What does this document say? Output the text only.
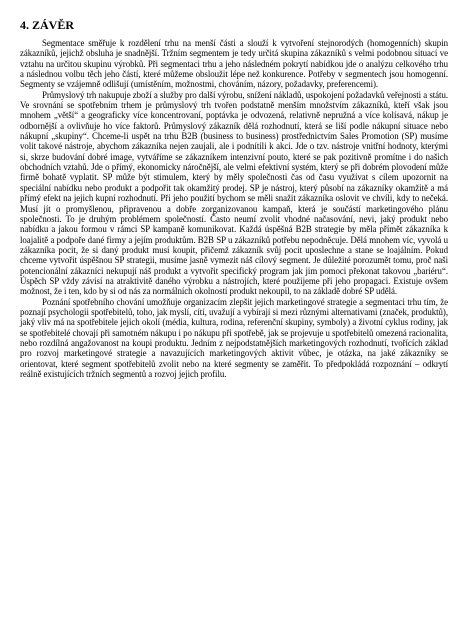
4. ZÁVĚR

Segmentace směřuje k rozdělení trhu na menší části a slouží k vytvoření stejnorodých (homogenních) skupin zákazníků, jejichž obsluha je snadnější. Tržním segmentem je tedy určitá skupina zákazníků s velmi podobnou situací ve vztahu na určitou skupinu výrobků. Při segmentaci trhu a jeho následném pokrytí nabídkou jde o analýzu celkového trhu a následnou volbu těch jeho částí, které můžeme obsloužit lépe než konkurence. Potřeby v segmentech jsou homogenní. Segmenty se vzájemně odlišují (umístěním, možnostmi, chováním, názory, požadavky, preferencemi).

Průmyslový trh nakupuje zboží a služby pro další výrobu, snížení nákladů, uspokojení požadavků veřejnosti a státu. Ve srovnání se spotřebním trhem je průmyslový trh tvořen podstatně menším množstvím zákazníků, kteří však jsou mnohem „větší“ a geograficky více koncentrovaní, poptávka je odvozená, relativně nepružná a více kolísavá, nákup je odbornější a ovlivňuje ho více faktorů. Průmyslový zákazník dělá rozhodnutí, která se liší podle nákupní situace nebo nákupní „skupiny“. Chceme-li uspět na trhu B2B (business to business) prostřednictvím Sales Promotion (SP) musíme volit takové nástroje, abychom zákazníka nejen zaujali, ale i podnítili k akci. Jde o tzv. nástroje vnitřní hodnoty, kterými si, skrze budování dobré image, vytváříme se zákazníkem intenzivní pouto, které se pak pozitivně promítne i do našich obchodních vztahů. Jde o přímý, ekonomicky náročnější, ale velmi efektivní systém, který se při dobrém plovodení může firmě bohatě vyplatit. SP může být stimulem, který by měly společnosti čas od času využívat s cílem upozornit na speciální nabídku nebo produkt a podpořit tak okamžitý prodej. SP je nástroj, který působí na zákazníky okamžitě a má přímý efekt na jejich kupní rozhodnutí. Při jeho použití bychom se měli snažit zákazníka oslovit ve chvíli, kdy to nečeká. Musí jít o promyšlenou, připravenou a dobře zorganizovanou kampaň, která je součástí marketingového plánu společnosti. To je druhým problémem společností. Často neumí zvolit vhodné načasování, nevi, jaký produkt nebo nabídku a jakou formou v rámci SP kampaně komunikovat. Každá úspěšná B2B strategie by měla přímět zákazníka k loajalitě a podpoře dané firmy a jejím produktům. B2B SP u zákazníků potřebu nepodněcuje. Dělá mnohem víc, vyvolá u zákazníka pocit, že si daný produkt musí koupit, přičemž zákazník svůj pocit uposlechne a stane se loajálním. Pokud chceme vytvořit úspěšnou SP strategii, musíme jasně vymezit náš cílový segment. Je důležité porozumět tomu, proč naši potencionální zákazníci nekupují náš produkt a vytvořit specifický program jak jim pomoci překonat takovou „bariéru“. Úspěch SP vždy závisí na atraktivitě daného výrobku a nástrojích, které použijeme při jeho propagaci. Existuje ovšem možnost, že i ten, kdo by si od nás za normálních okolností produkt nekoupil, to na základě dobré SP udělá.

Poznání spotřebního chování umožňuje organizacím zlepšit jejich marketingové strategie a segmentaci trhu tím, že poznají psychologii spotřebitelů, toho, jak myslí, cítí, uvažují a vybírají si mezi různými alternativami (značek, produktů), jaký vliv má na spotřebitele jejich okolí (média, kultura, rodina, referenční skupiny, symboly) a životní cyklus rodiny, jak se spotřebitelé chovají při samotném nákupu i po nákupu při spotřebě, jak se projevuje u spotřebitelů omezená racionalita, nebo rozdílná angažovanost na koupi produktu. Jedním z nejpodstatnějších marketingových rozhodnutí, tvořících základ pro rozvoj marketingové strategie a navazujících marketingových aktivit vůbec, je otázka, na jaké zákazníky se orientovat, které segment spotřebitelů zvolit nebo na které segmenty se zaměřit. To předpokládá rozpoznání – odkrytí reálně existujících tržních segmentů a rozvoj jejich profilu.
